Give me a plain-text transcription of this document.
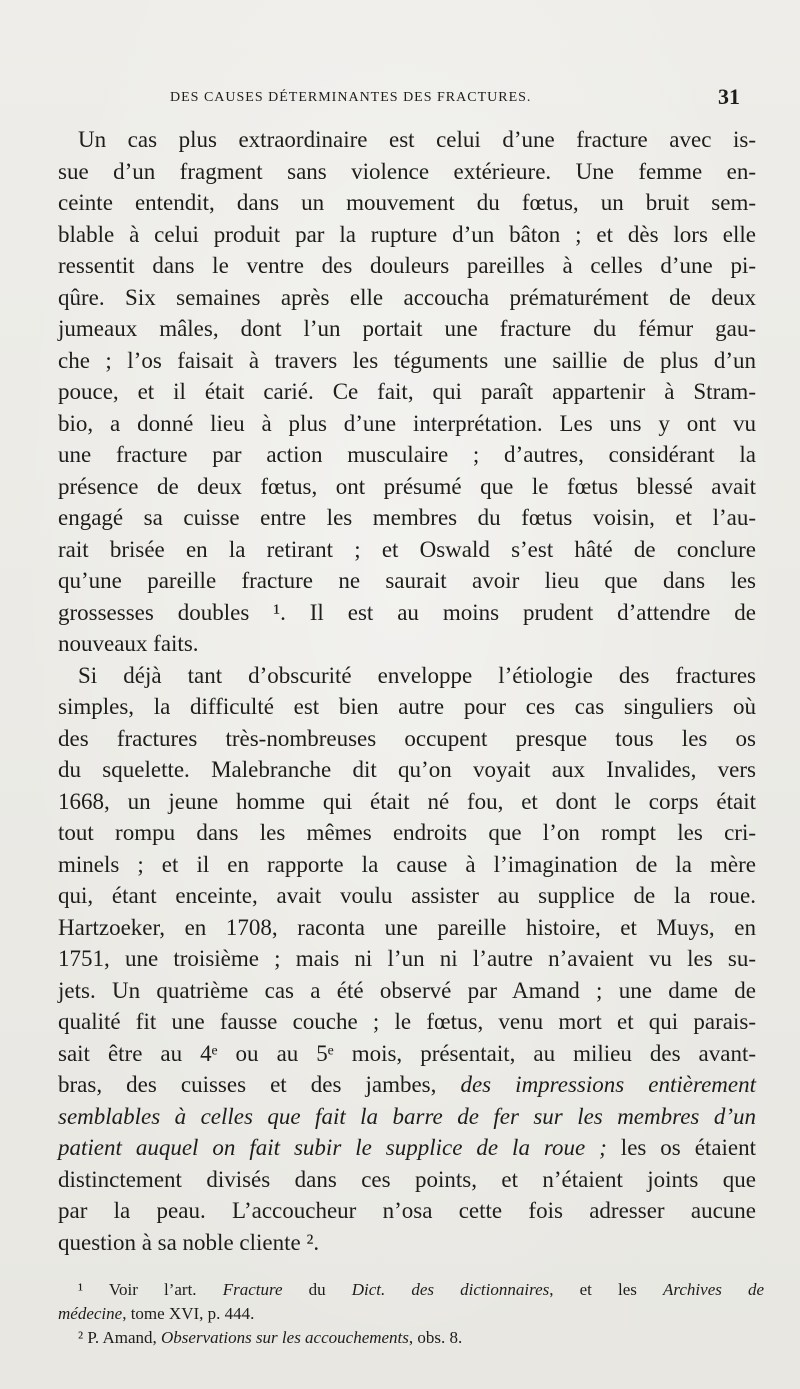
DES CAUSES DÉTERMINANTES DES FRACTURES.	31
Un cas plus extraordinaire est celui d’une fracture avec is-
sue d’un fragment sans violence extérieure. Une femme en-
ceinte entendit, dans un mouvement du fœtus, un bruit sem-
blable à celui produit par la rupture d’un bâton ; et dès lors elle
ressentit dans le ventre des douleurs pareilles à celles d’une pi-
qûre. Six semaines après elle accoucha prématurément de deux
jumeaux mâles, dont l’un portait une fracture du fémur gau-
che ; l’os faisait à travers les téguments une saillie de plus d’un
pouce, et il était carié. Ce fait, qui paraît appartenir à Stram-
bio, a donné lieu à plus d’une interprétation. Les uns y ont vu
une fracture par action musculaire ; d’autres, considérant la
présence de deux fœtus, ont présumé que le fœtus blessé avait
engagé sa cuisse entre les membres du fœtus voisin, et l’au-
rait brisée en la retirant ; et Oswald s’est hâté de conclure
qu’une pareille fracture ne saurait avoir lieu que dans les
grossesses doubles ¹. Il est au moins prudent d’attendre de
nouveaux faits.
Si déjà tant d’obscurité enveloppe l’étiologie des fractures
simples, la difficulté est bien autre pour ces cas singuliers où
des fractures très-nombreuses occupent presque tous les os
du squelette. Malebranche dit qu’on voyait aux Invalides, vers
1668, un jeune homme qui était né fou, et dont le corps était
tout rompu dans les mêmes endroits que l’on rompt les cri-
minels ; et il en rapporte la cause à l’imagination de la mère
qui, étant enceinte, avait voulu assister au supplice de la roue.
Hartzoeker, en 1708, raconta une pareille histoire, et Muys, en
1751, une troisième ; mais ni l’un ni l’autre n’avaient vu les su-
jets. Un quatrième cas a été observé par Amand ; une dame de
qualité fit une fausse couche ; le fœtus, venu mort et qui parais-
sait être au 4ᵉ ou au 5ᵉ mois, présentait, au milieu des avant-
bras, des cuisses et des jambes, des impressions entièrement
semblables à celles que fait la barre de fer sur les membres d’un
patient auquel on fait subir le supplice de la roue ; les os étaient
distinctement divisés dans ces points, et n’étaient joints que
par la peau. L’accoucheur n’osa cette fois adresser aucune
question à sa noble cliente ².
¹ Voir l’art. Fracture du Dict. des dictionnaires, et les Archives de
médecine, tome XVI, p. 444.
² P. Amand, Observations sur les accouchements, obs. 8.
